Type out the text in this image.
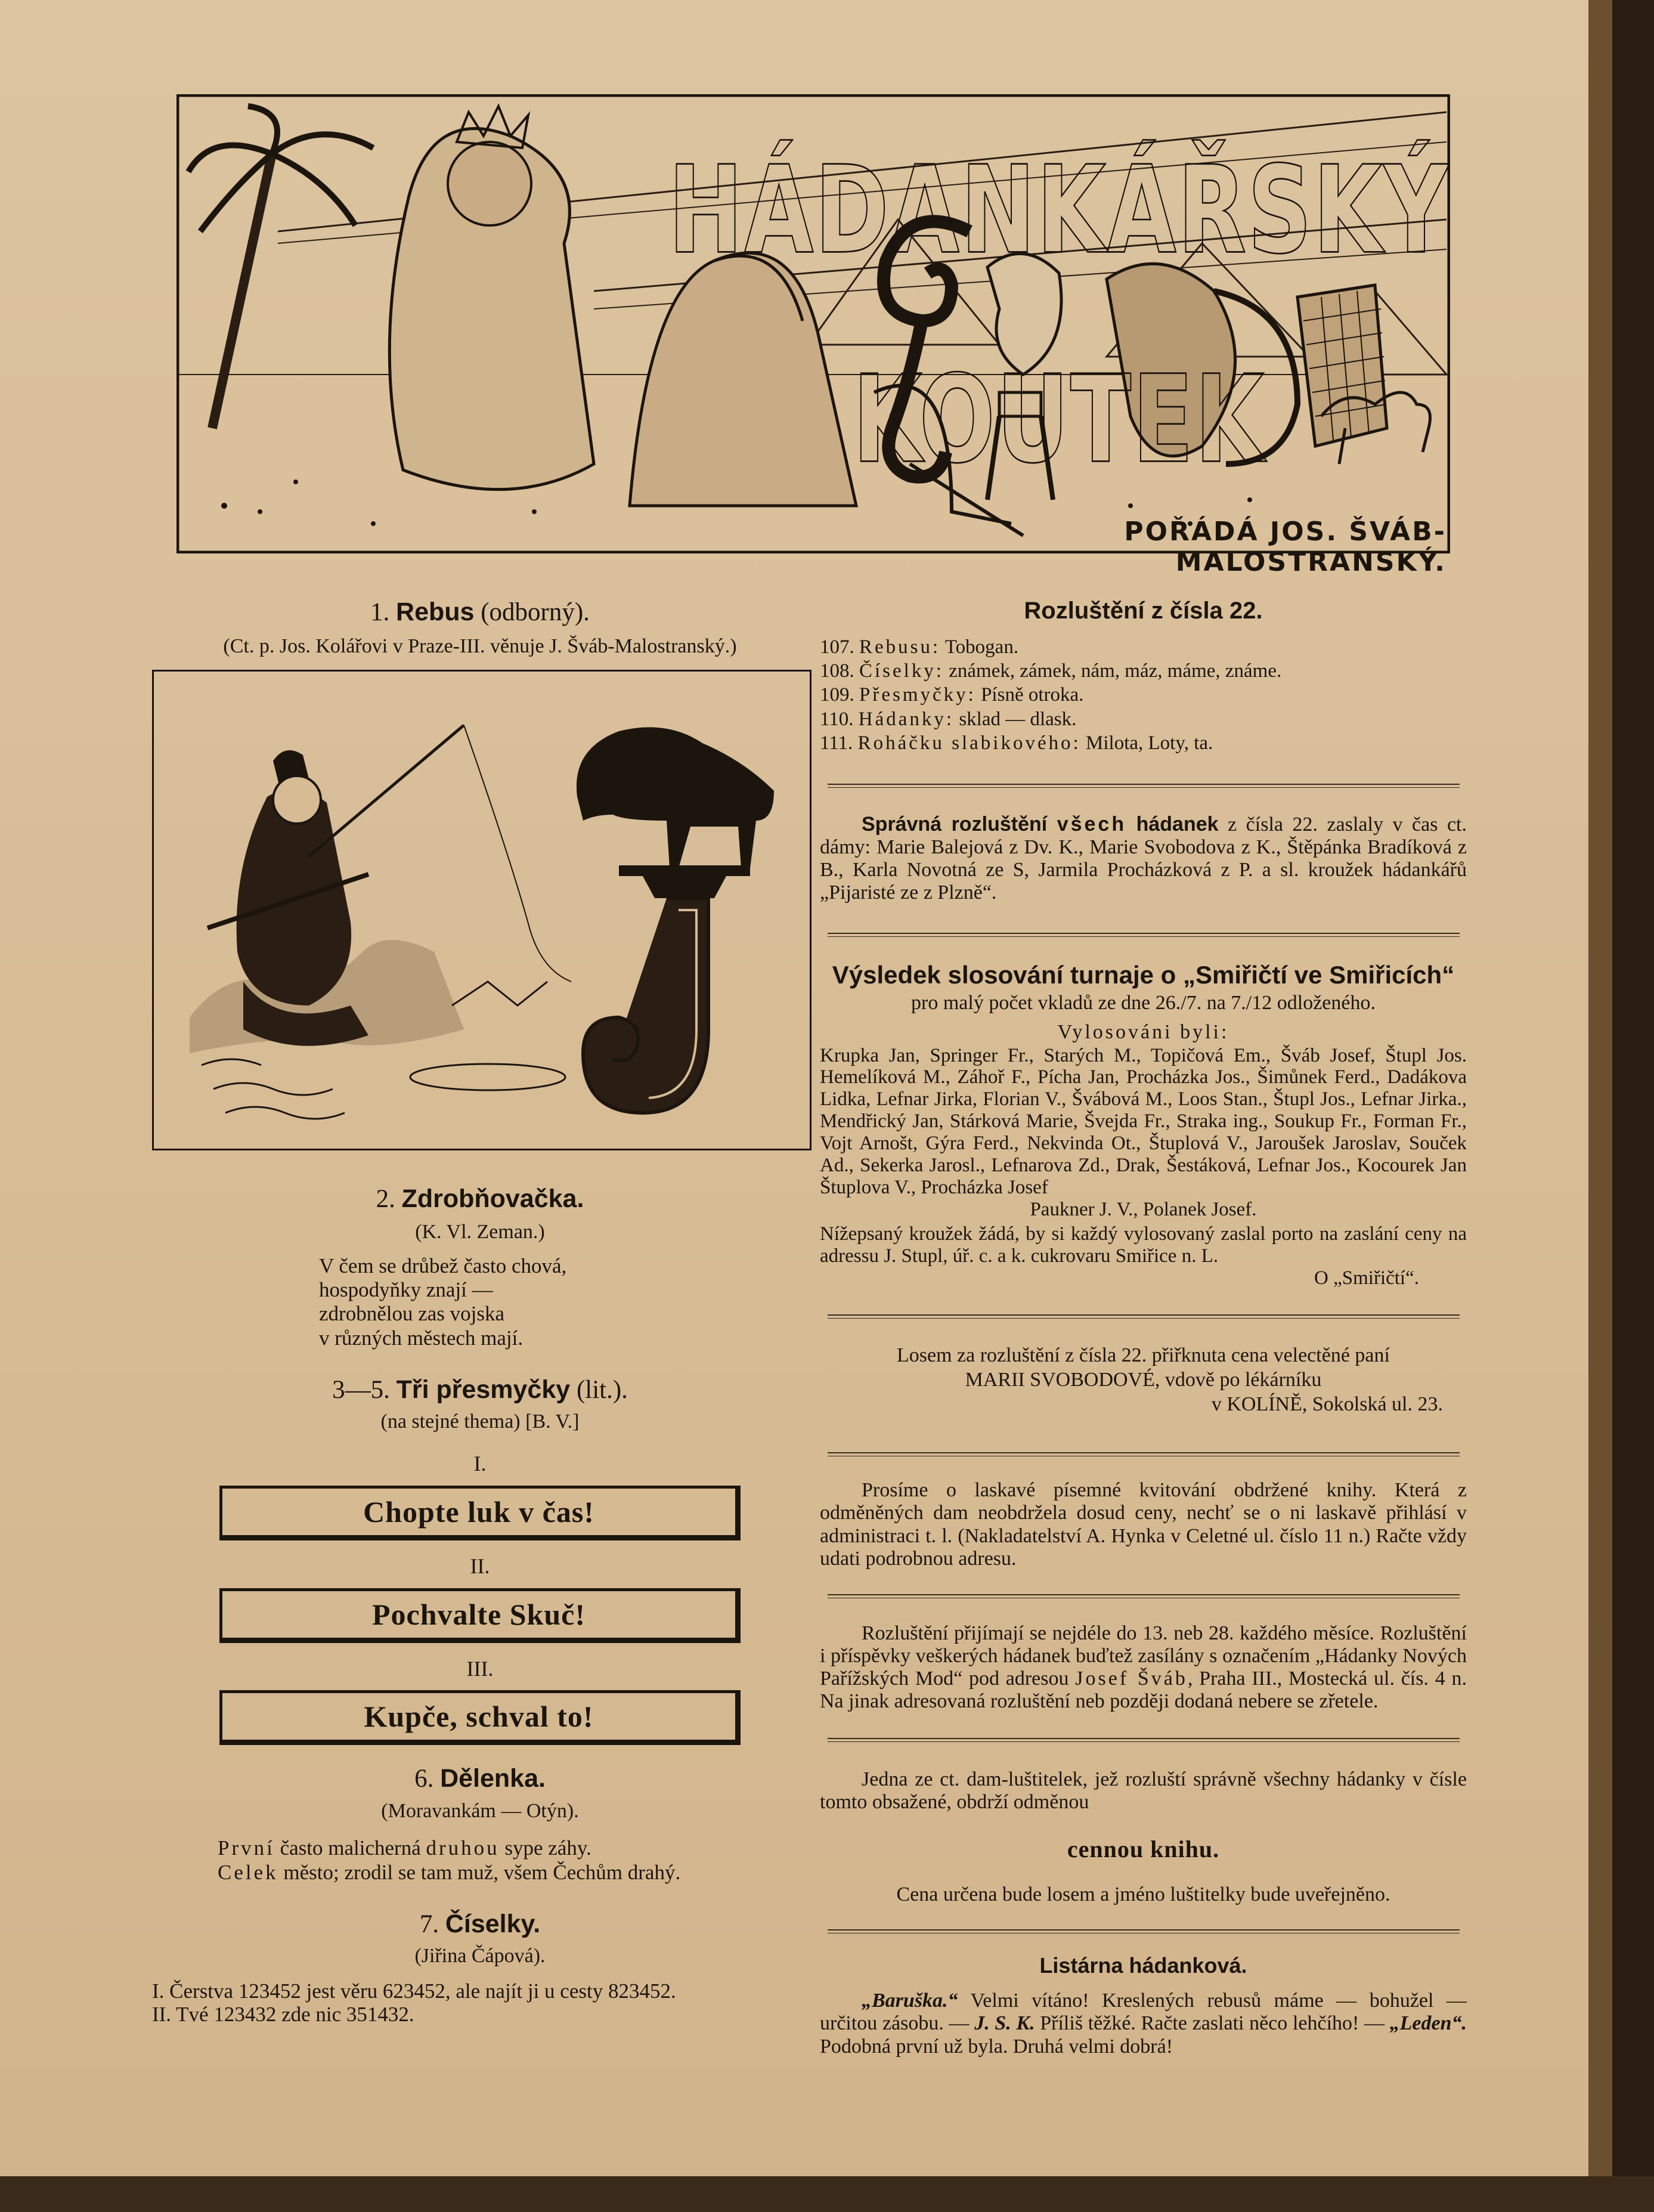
HÁDANKÁŘSKÝ KOUTEK
POŘÁDÁ JOS. ŠVÁB-MALOSTRANSKÝ.
1. Rebus (odborný).
(Ct. p. Jos. Kolářovi v Praze-III. věnuje J. Šváb-Malostranský.)
2. Zdrobňovačka.
(K. Vl. Zeman.)
V čem se drůbež často chová,
hospodyňky znají —
zdrobnělou zas vojska
v různých městech mají.
3—5. Tři přesmyčky (lit.).
(na stejné thema) [B. V.]
I.
Chopte luk v čas!
II.
Pochvalte Skuč!
III.
Kupče, schval to!
6. Dělenka.
(Moravankám — Otýn).
První často malicherná druhou sype záhy.
Celek město; zrodil se tam muž, všem Čechům drahý.
7. Číselky.
(Jiřina Čápová).
I. Čerstva 123452 jest věru 623452, ale najít ji u cesty 823452.
II. Tvé 123432 zde nic 351432.
Rozluštění z čísla 22.
107. Rebusu: Tobogan.
108. Číselky: známek, zámek, nám, máz, máme, známe.
109. Přesmyčky: Písně otroka.
110. Hádanky: sklad — dlask.
111. Roháčku slabikového: Milota, Loty, ta.
Správná rozluštění všech hádanek z čísla 22. zaslaly v čas ct. dámy: Marie Balejová z Dv. K., Marie Svobodova z K., Štěpánka Bradíková z B., Karla Novotná ze S, Jarmila Procházková z P. a sl. kroužek hádankářů „Pijaristé ze z Plzně“.
Výsledek slosování turnaje o „Smiřičtí ve Smiřicích“
pro malý počet vkladů ze dne 26./7. na 7./12 odloženého.
Vylosováni byli:
Krupka Jan, Springer Fr., Starých M., Topičová Em., Šváb Josef, Štupl Jos. Hemelíková M., Záhoř F., Pícha Jan, Procházka Jos., Šimůnek Ferd., Dadákova Lidka, Lefnar Jirka, Florian V., Švábová M., Loos Stan., Štupl Jos., Lefnar Jirka., Mendřický Jan, Stárková Marie, Švejda Fr., Straka ing., Soukup Fr., Forman Fr., Vojt Arnošt, Gýra Ferd., Nekvinda Ot., Štuplová V., Jaroušek Jaroslav, Souček Ad., Sekerka Jarosl., Lefnarova Zd., Drak, Šestáková, Lefnar Jos., Kocourek Jan Štuplova V., Procházka Josef
Paukner J. V., Polanek Josef.
Nížepsaný kroužek žádá, by si každý vylosovaný zaslal porto na zaslání ceny na adressu J. Stupl, úř. c. a k. cukrovaru Smiřice n. L.
O „Smiřičtí“.
Losem za rozluštění z čísla 22. přiřknuta cena velectěné paní
MARII SVOBODOVÉ, vdově po lékárníku
v KOLÍNĚ, Sokolská ul. 23.
Prosíme o laskavé písemné kvitování obdržené knihy. Která z odměněných dam neobdržela dosud ceny, nechť se o ni laskavě přihlásí v administraci t. l. (Nakladatelství A. Hynka v Celetné ul. číslo 11 n.) Račte vždy udati podrobnou adresu.
Rozluštění přijímají se nejdéle do 13. neb 28. každého měsíce. Rozluštění i příspěvky veškerých hádanek buďtež zasílány s označením „Hádanky Nových Pařížských Mod“ pod adresou Josef Šváb, Praha III., Mostecká ul. čís. 4 n. Na jinak adresovaná rozluštění neb později dodaná nebere se zřetele.
Jedna ze ct. dam-luštitelek, jež rozluští správně všechny hádanky v čísle tomto obsažené, obdrží odměnou
cennou knihu.
Cena určena bude losem a jméno luštitelky bude uveřejněno.
Listárna hádanková.
„Baruška.“ Velmi vítáno! Kreslených rebusů máme — bohužel — určitou zásobu. — J. S. K. Příliš těžké. Račte zaslati něco lehčího! — „Leden“. Podobná první už byla. Druhá velmi dobrá!
